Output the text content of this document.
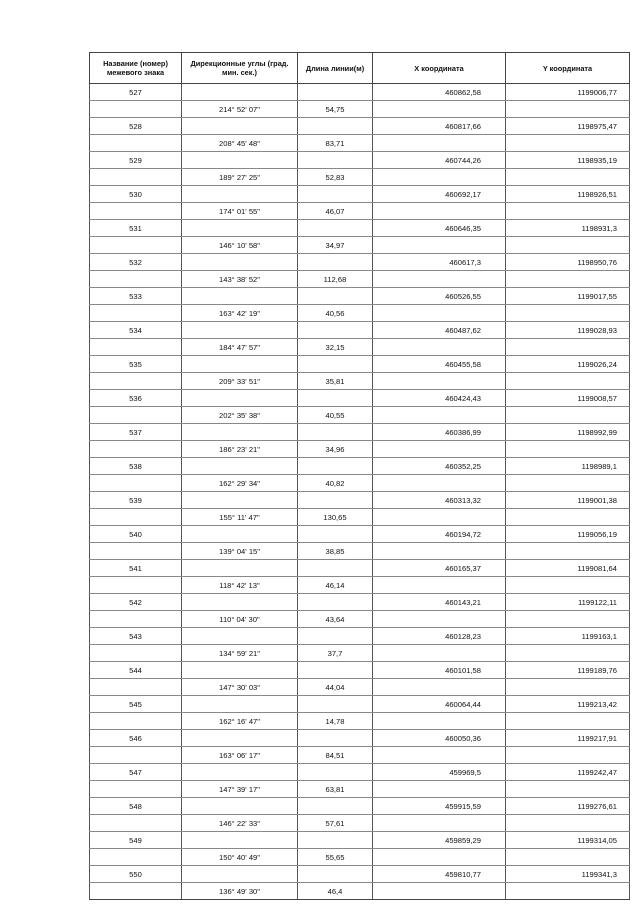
Название (номер) межевого знака	Дирекционные углы (град. мин. сек.)	Длина линии(м)	X координата	Y координата
527			460862,58	1199006,77
	214° 52' 07"	54,75		
528			460817,66	1198975,47
	208° 45' 48"	83,71		
529			460744,26	1198935,19
	189° 27' 25"	52,83		
530			460692,17	1198926,51
	174° 01' 55"	46,07		
531			460646,35	1198931,3
	146° 10' 58"	34,97		
532			460617,3	1198950,76
	143° 38' 52"	112,68		
533			460526,55	1199017,55
	163° 42' 19"	40,56		
534			460487,62	1199028,93
	184° 47' 57"	32,15		
535			460455,58	1199026,24
	209° 33' 51"	35,81		
536			460424,43	1199008,57
	202° 35' 38"	40,55		
537			460386,99	1198992,99
	186° 23' 21"	34,96		
538			460352,25	1198989,1
	162° 29' 34"	40,82		
539			460313,32	1199001,38
	155° 11' 47"	130,65		
540			460194,72	1199056,19
	139° 04' 15"	38,85		
541			460165,37	1199081,64
	118° 42' 13"	46,14		
542			460143,21	1199122,11
	110° 04' 30"	43,64		
543			460128,23	1199163,1
	134° 59' 21"	37,7		
544			460101,58	1199189,76
	147° 30' 03"	44,04		
545			460064,44	1199213,42
	162° 16' 47"	14,78		
546			460050,36	1199217,91
	163° 06' 17"	84,51		
547			459969,5	1199242,47
	147° 39' 17"	63,81		
548			459915,59	1199276,61
	146° 22' 33"	57,61		
549			459859,29	1199314,05
	150° 40' 49"	55,65		
550			459810,77	1199341,3
	136° 49' 30"	46,4		
